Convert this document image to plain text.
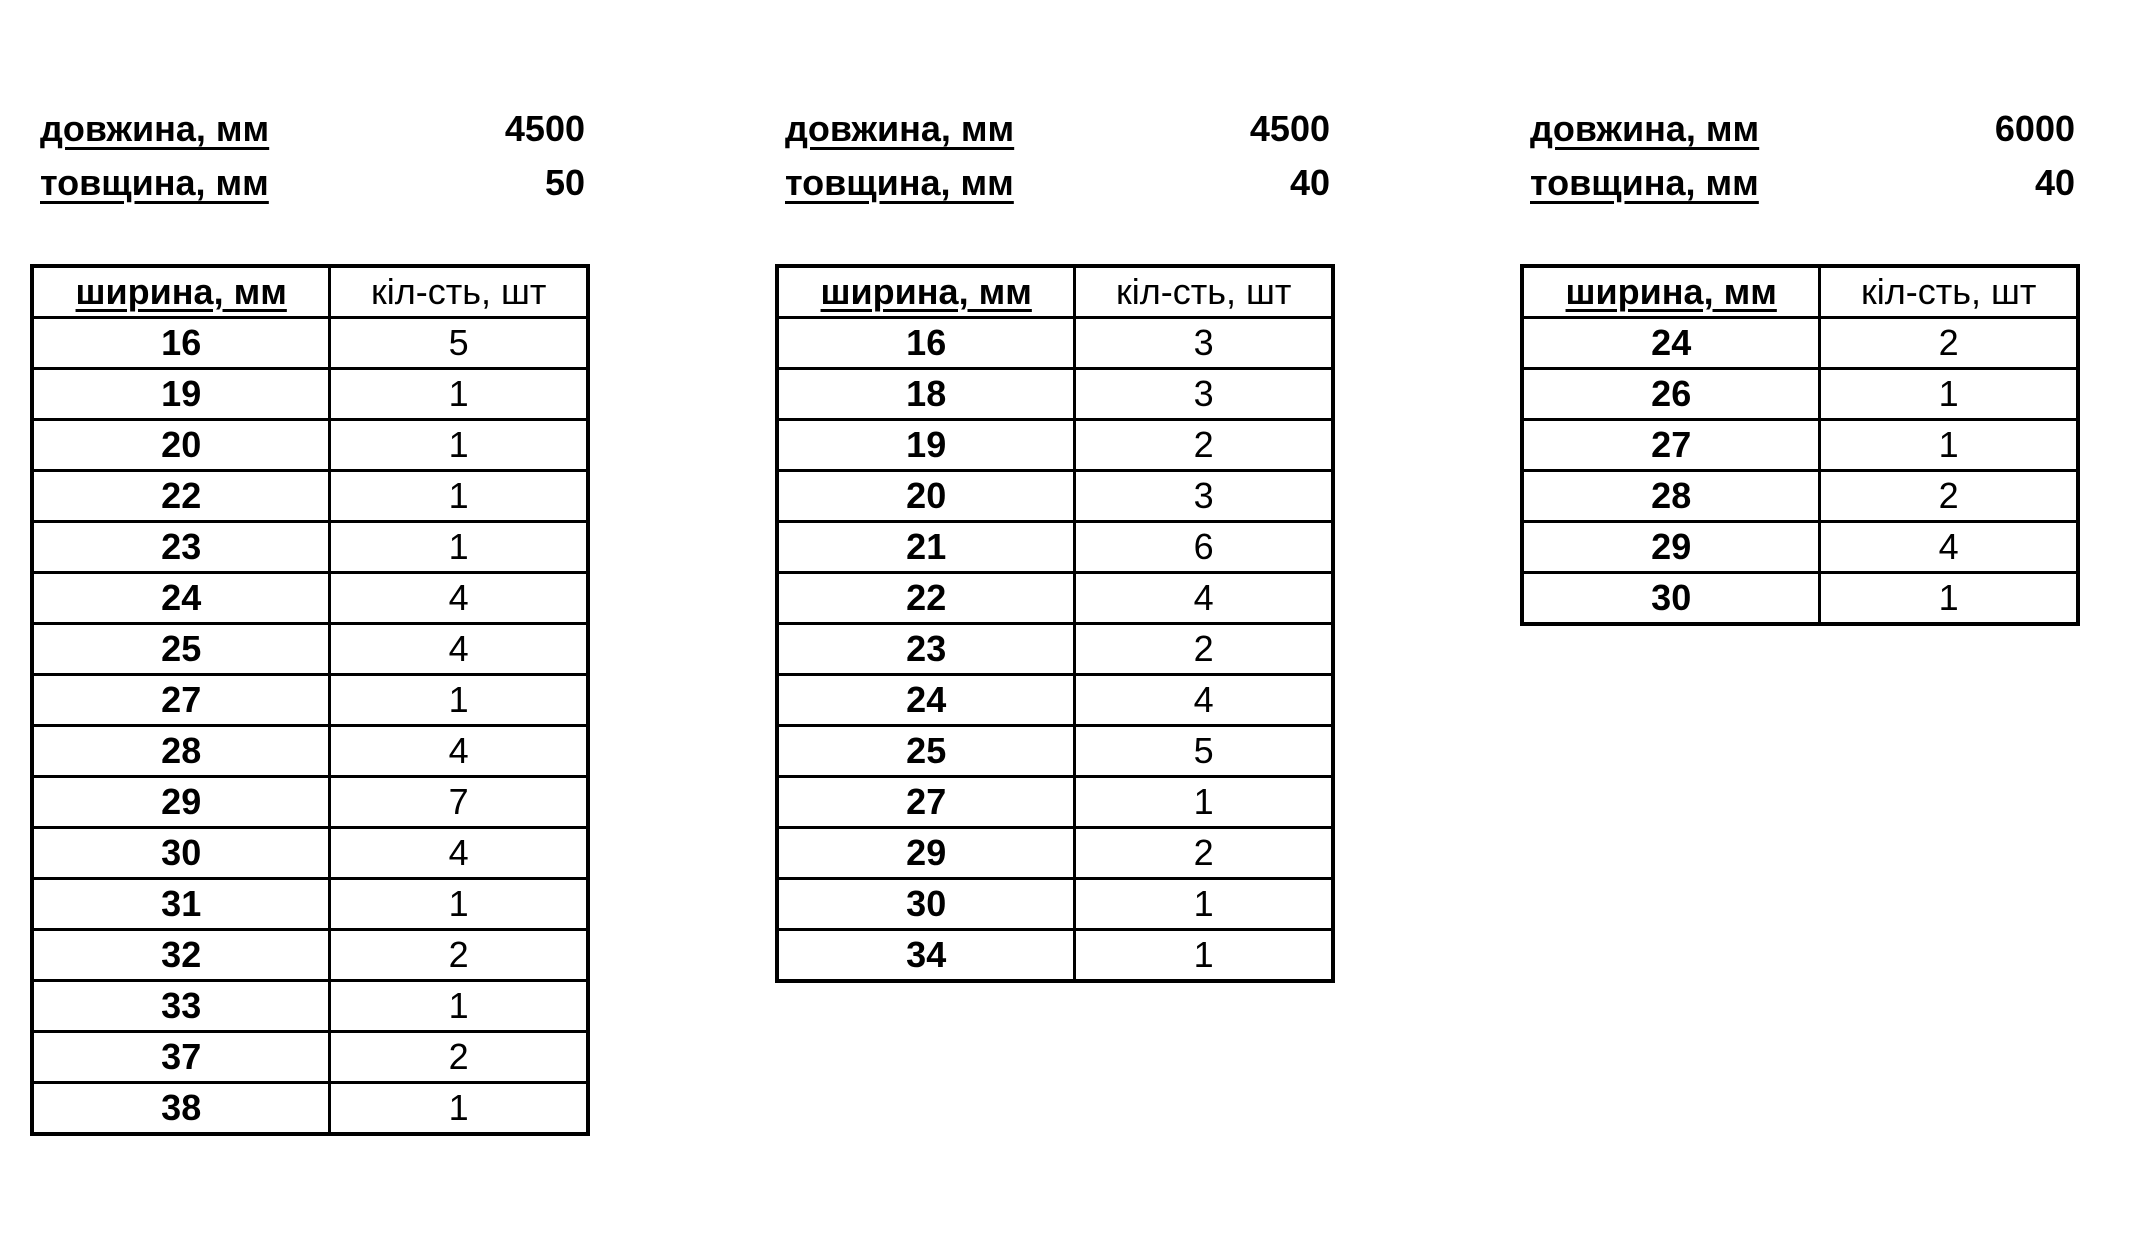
довжина, мм	4500
товщина, мм	50
ширина, мм	кіл-сть, шт
16	5
19	1
20	1
22	1
23	1
24	4
25	4
27	1
28	4
29	7
30	4
31	1
32	2
33	1
37	2
38	1
довжина, мм	4500
товщина, мм	40
ширина, мм	кіл-сть, шт
16	3
18	3
19	2
20	3
21	6
22	4
23	2
24	4
25	5
27	1
29	2
30	1
34	1
довжина, мм	6000
товщина, мм	40
ширина, мм	кіл-сть, шт
24	2
26	1
27	1
28	2
29	4
30	1
